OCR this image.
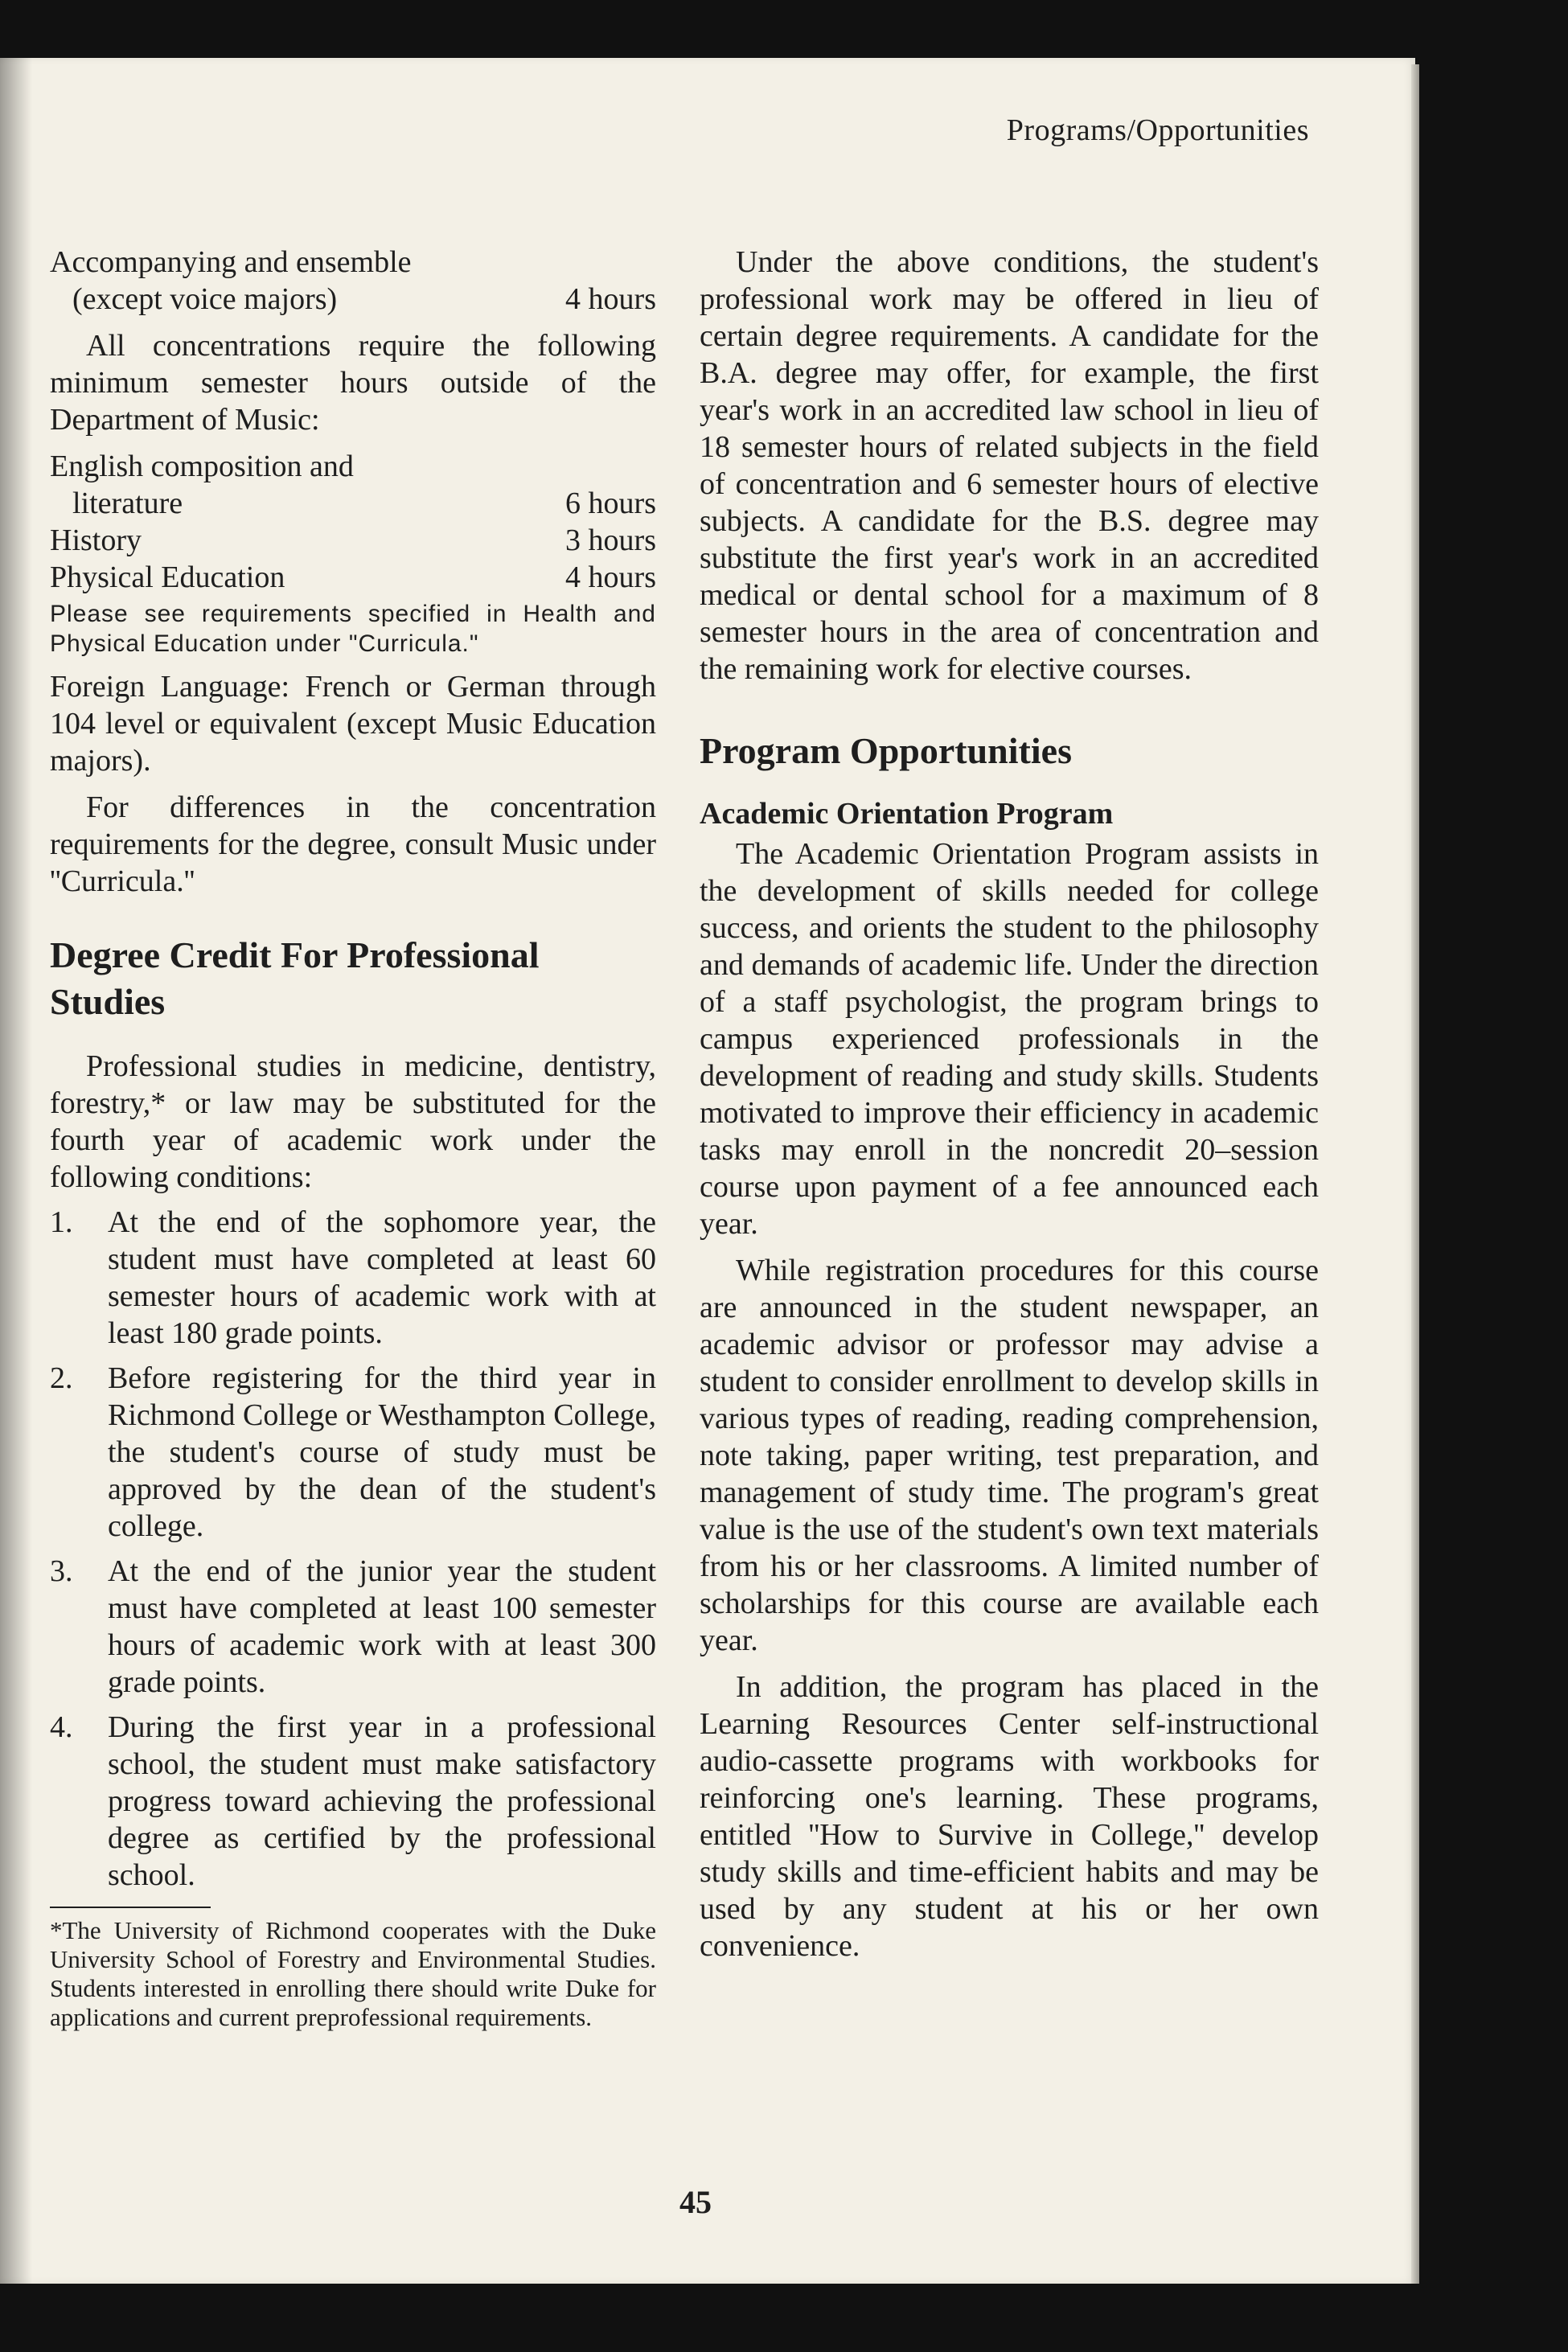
Programs/Opportunities

Accompanying and ensemble

(except voice majors)	4 hours

All concentrations require the following minimum semester hours outside of the Department of Music:

English composition and

literature	6 hours
History	3 hours
Physical Education	4 hours

Please see requirements specified in Health and Physical Education under "Curricula."

Foreign Language: French or German through 104 level or equivalent (except Music Education majors).

For differences in the concentration requirements for the degree, consult Music under ''Curricula.''

Degree Credit For Professional Studies

Professional studies in medicine, dentistry, forestry,* or law may be substituted for the fourth year of academic work under the following conditions:

1.	At the end of the sophomore year, the student must have completed at least 60 semester hours of academic work with at least 180 grade points.
2.	Before registering for the third year in Richmond College or Westhampton College, the student's course of study must be approved by the dean of the student's college.
3.	At the end of the junior year the student must have completed at least 100 semester hours of academic work with at least 300 grade points.
4.	During the first year in a professional school, the student must make satisfactory progress toward achieving the professional degree as certified by the professional school.

*The University of Richmond cooperates with the Duke University School of Forestry and Environmental Studies. Students interested in enrolling there should write Duke for applications and current preprofessional requirements.

Under the above conditions, the student's professional work may be offered in lieu of certain degree requirements. A candidate for the B.A. degree may offer, for example, the first year's work in an accredited law school in lieu of 18 semester hours of related subjects in the field of concentration and 6 semester hours of elective subjects. A candidate for the B.S. degree may substitute the first year's work in an accredited medical or dental school for a maximum of 8 semester hours in the area of concentration and the remaining work for elective courses.

Program Opportunities
Academic Orientation Program

The Academic Orientation Program assists in the development of skills needed for college success, and orients the student to the philosophy and demands of academic life. Under the direction of a staff psychologist, the program brings to campus experienced professionals in the development of reading and study skills. Students motivated to improve their efficiency in academic tasks may enroll in the noncredit 20–session course upon payment of a fee announced each year.

While registration procedures for this course are announced in the student newspaper, an academic advisor or professor may advise a student to consider enrollment to develop skills in various types of reading, reading comprehension, note taking, paper writing, test preparation, and management of study time. The program's great value is the use of the student's own text materials from his or her classrooms. A limited number of scholarships for this course are available each year.

In addition, the program has placed in the Learning Resources Center self-instructional audio-cassette programs with workbooks for reinforcing one's learning. These programs, entitled ''How to Survive in College,'' develop study skills and time-efficient habits and may be used by any student at his or her own convenience.

45
